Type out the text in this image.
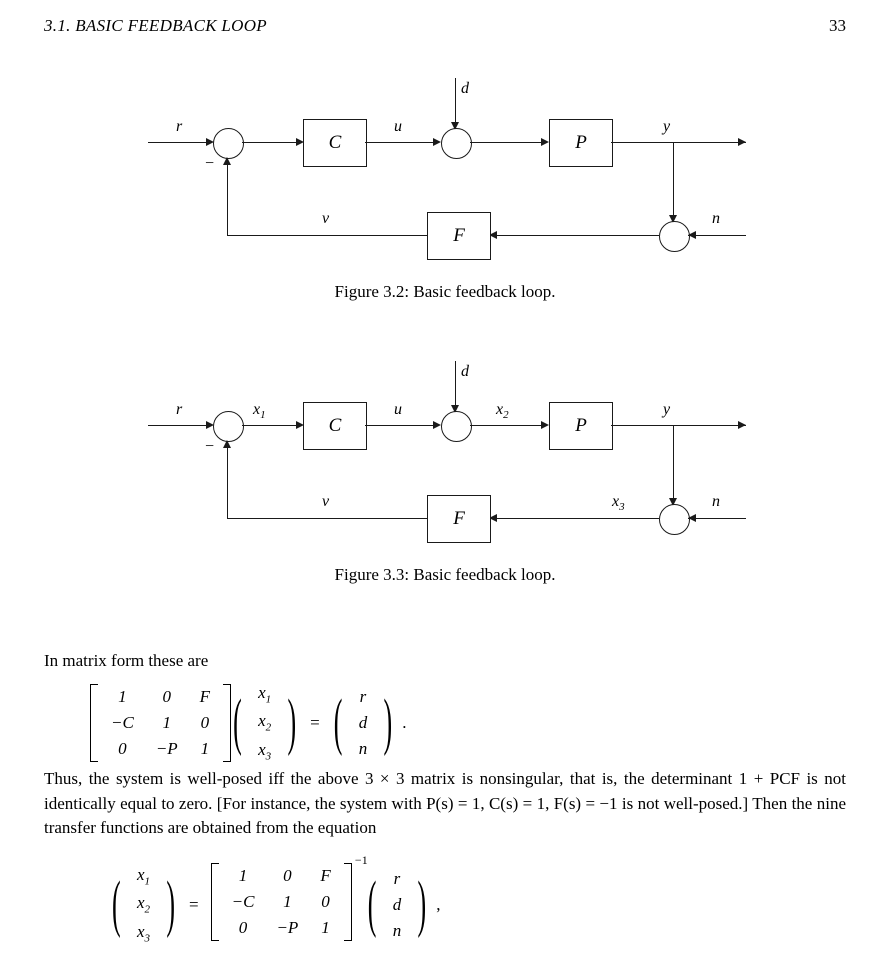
3.1. BASIC FEEDBACK LOOP	33
r
−
C
u
d
P
y
n
F
v
Figure 3.2: Basic feedback loop.
r
−
$x_1$	C
u
d
$x_2$	P
y
n
$x_3$
F
v
Figure 3.3: Basic feedback loop.
In matrix form these are
1	0	F
−C	1	0
0	−P	1 ( $x_1$
$x_2$
$x_3$ ) = ( r
d
n ) .
Thus, the system is well-posed iff the above 3 × 3 matrix is nonsingular, that is, the determinant 1 + PCF is not identically equal to zero. [For instance, the system with P(s) = 1, C(s) = 1, F(s) = −1 is not well-posed.] Then the nine transfer functions are obtained from the equation
( $x_1$
$x_2$
$x_3$ ) =
1	0	F
−C	1	0
0	−P	1
−1
( r
d
n ) ,
